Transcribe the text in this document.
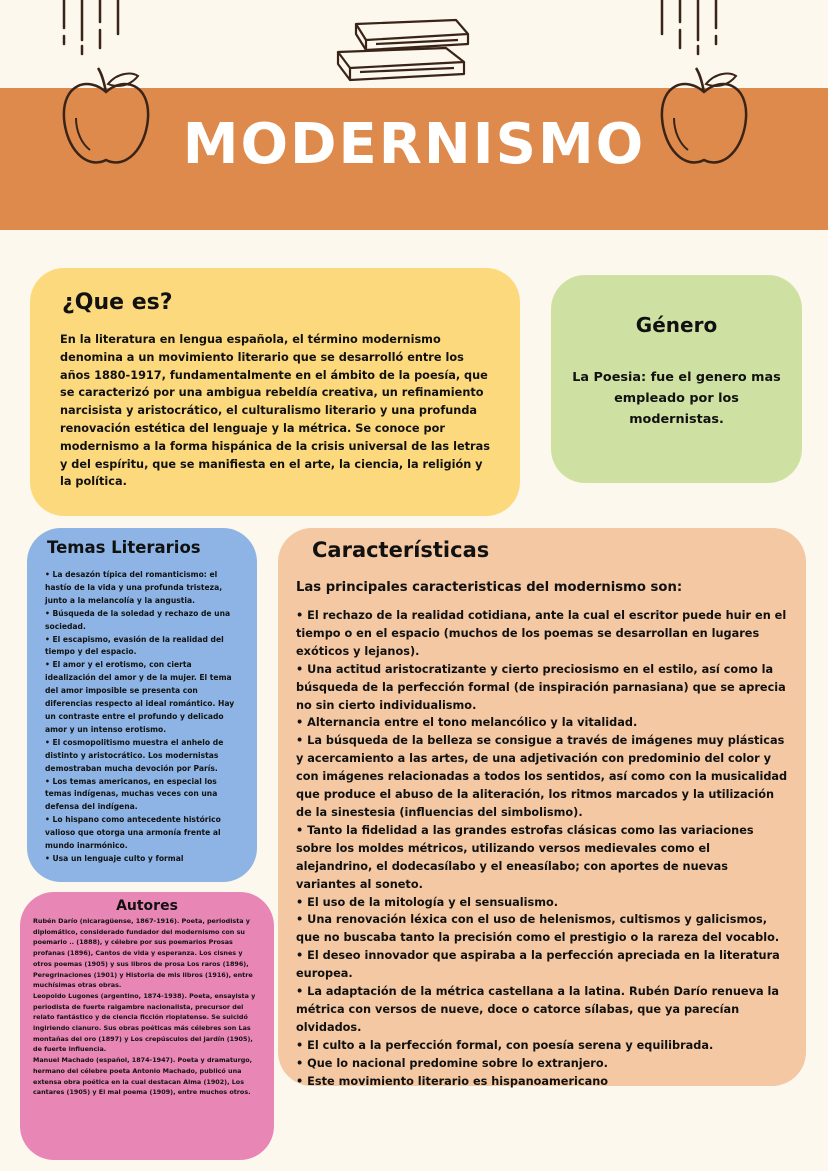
MODERNISMO
¿Que es?

En la literatura en lengua española, el término modernismo denomina a un movimiento literario que se desarrolló entre los años 1880-1917, fundamentalmente en el ámbito de la poesía, que se caracterizó por una ambigua rebeldía creativa, un refinamiento narcisista y aristocrático, el culturalismo literario y una profunda renovación estética del lenguaje y la métrica. Se conoce por modernismo a la forma hispánica de la crisis universal de las letras y del espíritu, que se manifiesta en el arte, la ciencia, la religión y la política.

Género

La Poesia: fue el genero mas empleado por los modernistas.

Temas Literarios
• La desazón típica del romanticismo: el hastío de la vida y una profunda tristeza, junto a la melancolía y la angustia.
• Búsqueda de la soledad y rechazo de una sociedad.
• El escapismo, evasión de la realidad del tiempo y del espacio.
• El amor y el erotismo, con cierta idealización del amor y de la mujer. El tema del amor imposible se presenta con diferencias respecto al ideal romántico. Hay un contraste entre el profundo y delicado amor y un intenso erotismo.
• El cosmopolitismo muestra el anhelo de distinto y aristocrático. Los modernistas demostraban mucha devoción por París.
• Los temas americanos, en especial los temas indígenas, muchas veces con una defensa del indígena.
• Lo hispano como antecedente histórico valioso que otorga una armonía frente al mundo inarmónico.
• Usa un lenguaje culto y formal
Autores

Rubén Darío (nicaragüense, 1867-1916). Poeta, periodista y diplomático, considerado fundador del modernismo con su poemario .. (1888), y célebre por sus poemarios Prosas profanas (1896), Cantos de vida y esperanza. Los cisnes y otros poemas (1905) y sus libros de prosa Los raros (1896), Peregrinaciones (1901) y Historia de mis libros (1916), entre muchísimas otras obras.

Leopoldo Lugones (argentino, 1874-1938). Poeta, ensayista y periodista de fuerte raigambre nacionalista, precursor del relato fantástico y de ciencia ficción rioplatense. Se suicidó ingiriendo cianuro. Sus obras poéticas más célebres son Las montañas del oro (1897) y Los crepúsculos del jardín (1905), de fuerte influencia.

Manuel Machado (español, 1874-1947). Poeta y dramaturgo, hermano del célebre poeta Antonio Machado, publicó una extensa obra poética en la cual destacan Alma (1902), Los cantares (1905) y El mal poema (1909), entre muchos otros.

Características

Las principales caracteristicas del modernismo son:

• El rechazo de la realidad cotidiana, ante la cual el escritor puede huir en el tiempo o en el espacio (muchos de los poemas se desarrollan en lugares exóticos y lejanos).
• Una actitud aristocratizante y cierto preciosismo en el estilo, así como la búsqueda de la perfección formal (de inspiración parnasiana) que se aprecia no sin cierto individualismo.
• Alternancia entre el tono melancólico y la vitalidad.
• La búsqueda de la belleza se consigue a través de imágenes muy plásticas y acercamiento a las artes, de una adjetivación con predominio del color y con imágenes relacionadas a todos los sentidos, así como con la musicalidad que produce el abuso de la aliteración, los ritmos marcados y la utilización de la sinestesia (influencias del simbolismo).
• Tanto la fidelidad a las grandes estrofas clásicas como las variaciones sobre los moldes métricos, utilizando versos medievales como el alejandrino, el dodecasílabo y el eneasílabo; con aportes de nuevas variantes al soneto.
• El uso de la mitología y el sensualismo.
• Una renovación léxica con el uso de helenismos, cultismos y galicismos, que no buscaba tanto la precisión como el prestigio o la rareza del vocablo.
• El deseo innovador que aspiraba a la perfección apreciada en la literatura europea.
• La adaptación de la métrica castellana a la latina. Rubén Darío renueva la métrica con versos de nueve, doce o catorce sílabas, que ya parecían olvidados.
• El culto a la perfección formal, con poesía serena y equilibrada.
• Que lo nacional predomine sobre lo extranjero.
• Este movimiento literario es hispanoamericano
